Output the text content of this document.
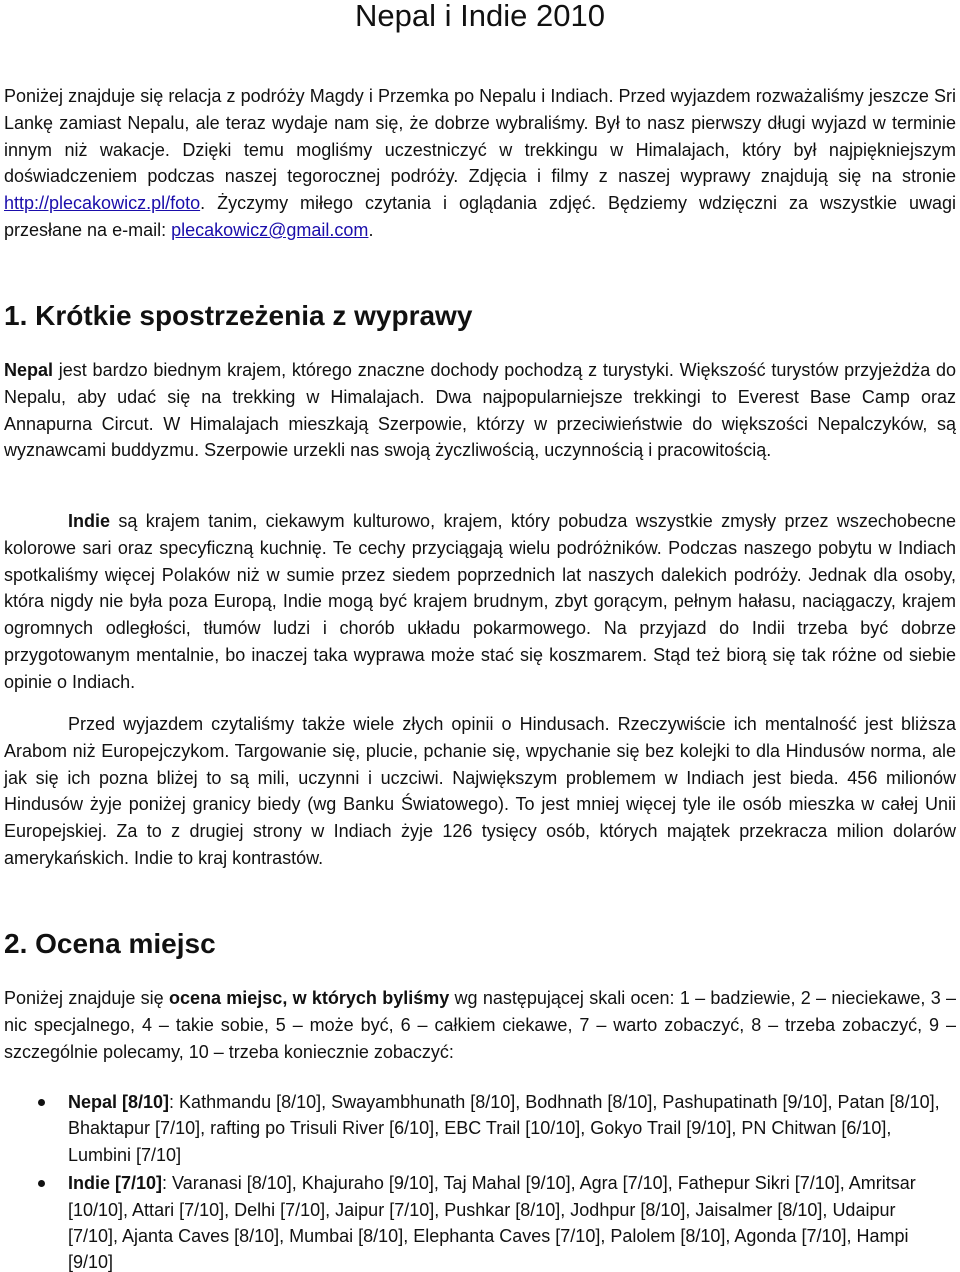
Nepal i Indie 2010

Poniżej znajduje się relacja z podróży Magdy i Przemka po Nepalu i Indiach. Przed wyjazdem rozważaliśmy jeszcze Sri Lankę zamiast Nepalu, ale teraz wydaje nam się, że dobrze wybraliśmy. Był to nasz pierwszy długi wyjazd w terminie innym niż wakacje. Dzięki temu mogliśmy uczestniczyć w trekkingu w Himalajach, który był najpiękniejszym doświadczeniem podczas naszej tegorocznej podróży. Zdjęcia i filmy z naszej wyprawy znajdują się na stronie http://plecakowicz.pl/foto. Życzymy miłego czytania i oglądania zdjęć. Będziemy wdzięczni za wszystkie uwagi przesłane na e-mail: plecakowicz@gmail.com.

1. Krótkie spostrzeżenia z wyprawy

Nepal jest bardzo biednym krajem, którego znaczne dochody pochodzą z turystyki. Większość turystów przyjeżdża do Nepalu, aby udać się na trekking w Himalajach. Dwa najpopularniejsze trekkingi to Everest Base Camp oraz Annapurna Circut. W Himalajach mieszkają Szerpowie, którzy w przeciwieństwie do większości Nepalczyków, są wyznawcami buddyzmu. Szerpowie urzekli nas swoją życzliwością, uczynnością i pracowitością.

Indie są krajem tanim, ciekawym kulturowo, krajem, który pobudza wszystkie zmysły przez wszechobecne kolorowe sari oraz specyficzną kuchnię. Te cechy przyciągają wielu podróżników. Podczas naszego pobytu w Indiach spotkaliśmy więcej Polaków niż w sumie przez siedem poprzednich lat naszych dalekich podróży. Jednak dla osoby, która nigdy nie była poza Europą, Indie mogą być krajem brudnym, zbyt gorącym, pełnym hałasu, naciągaczy, krajem ogromnych odległości, tłumów ludzi i chorób układu pokarmowego. Na przyjazd do Indii trzeba być dobrze przygotowanym mentalnie, bo inaczej taka wyprawa może stać się koszmarem. Stąd też biorą się tak różne od siebie opinie o Indiach.

Przed wyjazdem czytaliśmy także wiele złych opinii o Hindusach. Rzeczywiście ich mentalność jest bliższa Arabom niż Europejczykom. Targowanie się, plucie, pchanie się, wpychanie się bez kolejki to dla Hindusów norma, ale jak się ich pozna bliżej to są mili, uczynni i uczciwi. Największym problemem w Indiach jest bieda. 456 milionów Hindusów żyje poniżej granicy biedy (wg Banku Światowego). To jest mniej więcej tyle ile osób mieszka w całej Unii Europejskiej. Za to z drugiej strony w Indiach żyje 126 tysięcy osób, których majątek przekracza milion dolarów amerykańskich. Indie to kraj kontrastów.

2. Ocena miejsc

Poniżej znajduje się ocena miejsc, w których byliśmy wg następującej skali ocen: 1 – badziewie, 2 – nieciekawe, 3 – nic specjalnego, 4 – takie sobie, 5 – może być, 6 – całkiem ciekawe, 7 – warto zobaczyć, 8 – trzeba zobaczyć, 9 – szczególnie polecamy, 10 – trzeba koniecznie zobaczyć:

Nepal [8/10]: Kathmandu [8/10], Swayambhunath [8/10], Bodhnath [8/10], Pashupatinath [9/10], Patan [8/10], Bhaktapur [7/10], rafting po Trisuli River [6/10], EBC Trail [10/10], Gokyo Trail [9/10], PN Chitwan [6/10], Lumbini [7/10]
Indie [7/10]: Varanasi [8/10], Khajuraho [9/10], Taj Mahal [9/10], Agra [7/10], Fathepur Sikri [7/10], Amritsar [10/10], Attari [7/10], Delhi [7/10], Jaipur [7/10], Pushkar [8/10], Jodhpur [8/10], Jaisalmer [8/10], Udaipur [7/10], Ajanta Caves [8/10], Mumbai [8/10], Elephanta Caves [7/10], Palolem [8/10], Agonda [7/10], Hampi [9/10]
